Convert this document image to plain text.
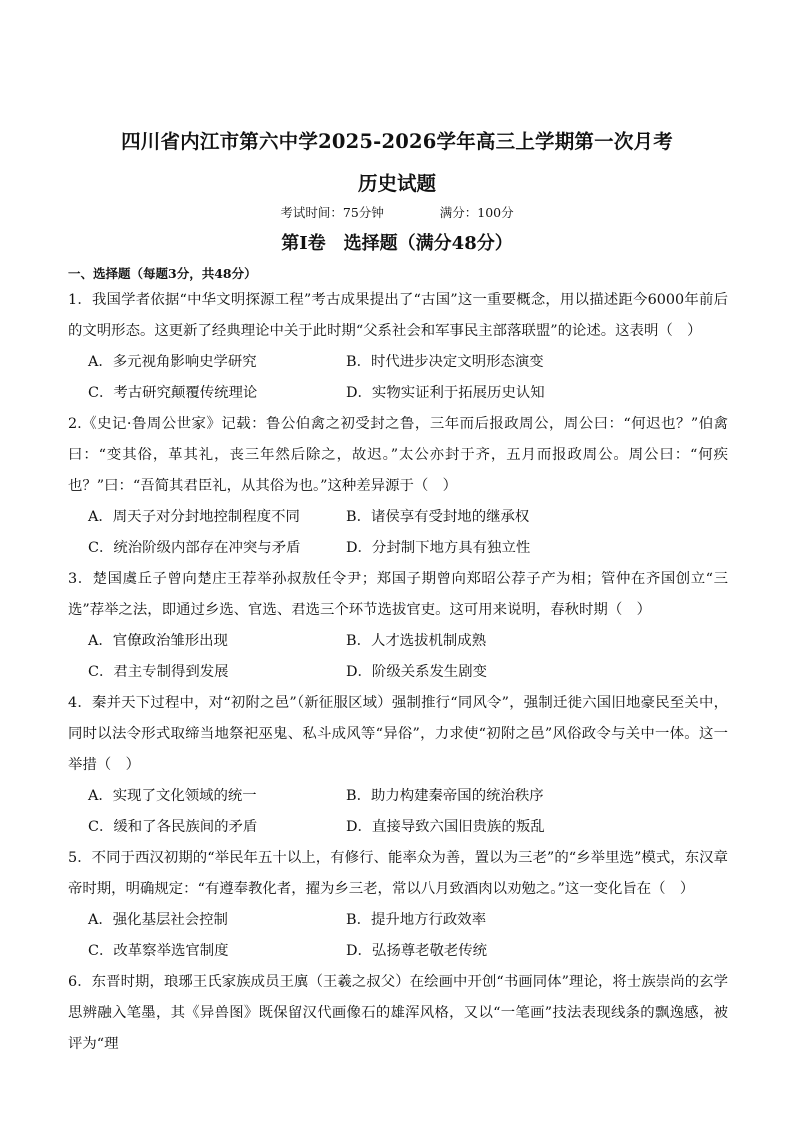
四川省内江市第六中学2025-2026学年高三上学期第一次月考
历史试题
考试时间：75分钟	满分：100分
第Ⅰ卷　选择题（满分48分）
一、选择题（每题3分，共48分）
1．我国学者依据“中华文明探源工程”考古成果提出了“古国”这一重要概念，用以描述距今6000年前后的文明形态。这更新了经典理论中关于此时期“父系社会和军事民主部落联盟”的论述。这表明（　）
A．多元视角影响史学研究	B．时代进步决定文明形态演变
C．考古研究颠覆传统理论	D．实物实证利于拓展历史认知
2.《史记·鲁周公世家》记载：鲁公伯禽之初受封之鲁，三年而后报政周公，周公曰：“何迟也？”伯禽曰：“变其俗，革其礼，丧三年然后除之，故迟。”太公亦封于齐，五月而报政周公。周公曰：“何疾也？”曰：“吾简其君臣礼，从其俗为也。”这种差异源于（　）
A．周天子对分封地控制程度不同	B．诸侯享有受封地的继承权
C．统治阶级内部存在冲突与矛盾	D．分封制下地方具有独立性
3．楚国虞丘子曾向楚庄王荐举孙叔敖任令尹；郑国子期曾向郑昭公荐子产为相；管仲在齐国创立“三选”荐举之法，即通过乡选、官选、君选三个环节选拔官吏。这可用来说明，春秋时期（　）
A．官僚政治雏形出现	B．人才选拔机制成熟
C．君主专制得到发展	D．阶级关系发生剧变
4．秦并天下过程中，对“初附之邑”（新征服区域）强制推行“同风令”，强制迁徙六国旧地豪民至关中，同时以法令形式取缔当地祭祀巫鬼、私斗成风等“异俗”，力求使“初附之邑”风俗政令与关中一体。这一举措（　）
A．实现了文化领域的统一	B．助力构建秦帝国的统治秩序
C．缓和了各民族间的矛盾	D．直接导致六国旧贵族的叛乱
5．不同于西汉初期的“举民年五十以上，有修行、能率众为善，置以为三老”的“乡举里选”模式，东汉章帝时期，明确规定：“有遵奉教化者，擢为乡三老，常以八月致酒肉以劝勉之。”这一变化旨在（　）
A．强化基层社会控制	B．提升地方行政效率
C．改革察举选官制度	D．弘扬尊老敬老传统
6．东晋时期，琅琊王氏家族成员王廙（王羲之叔父）在绘画中开创“书画同体”理论，将士族崇尚的玄学思辨融入笔墨，其《异兽图》既保留汉代画像石的雄浑风格，又以“一笔画”技法表现线条的飘逸感，被评为“理
